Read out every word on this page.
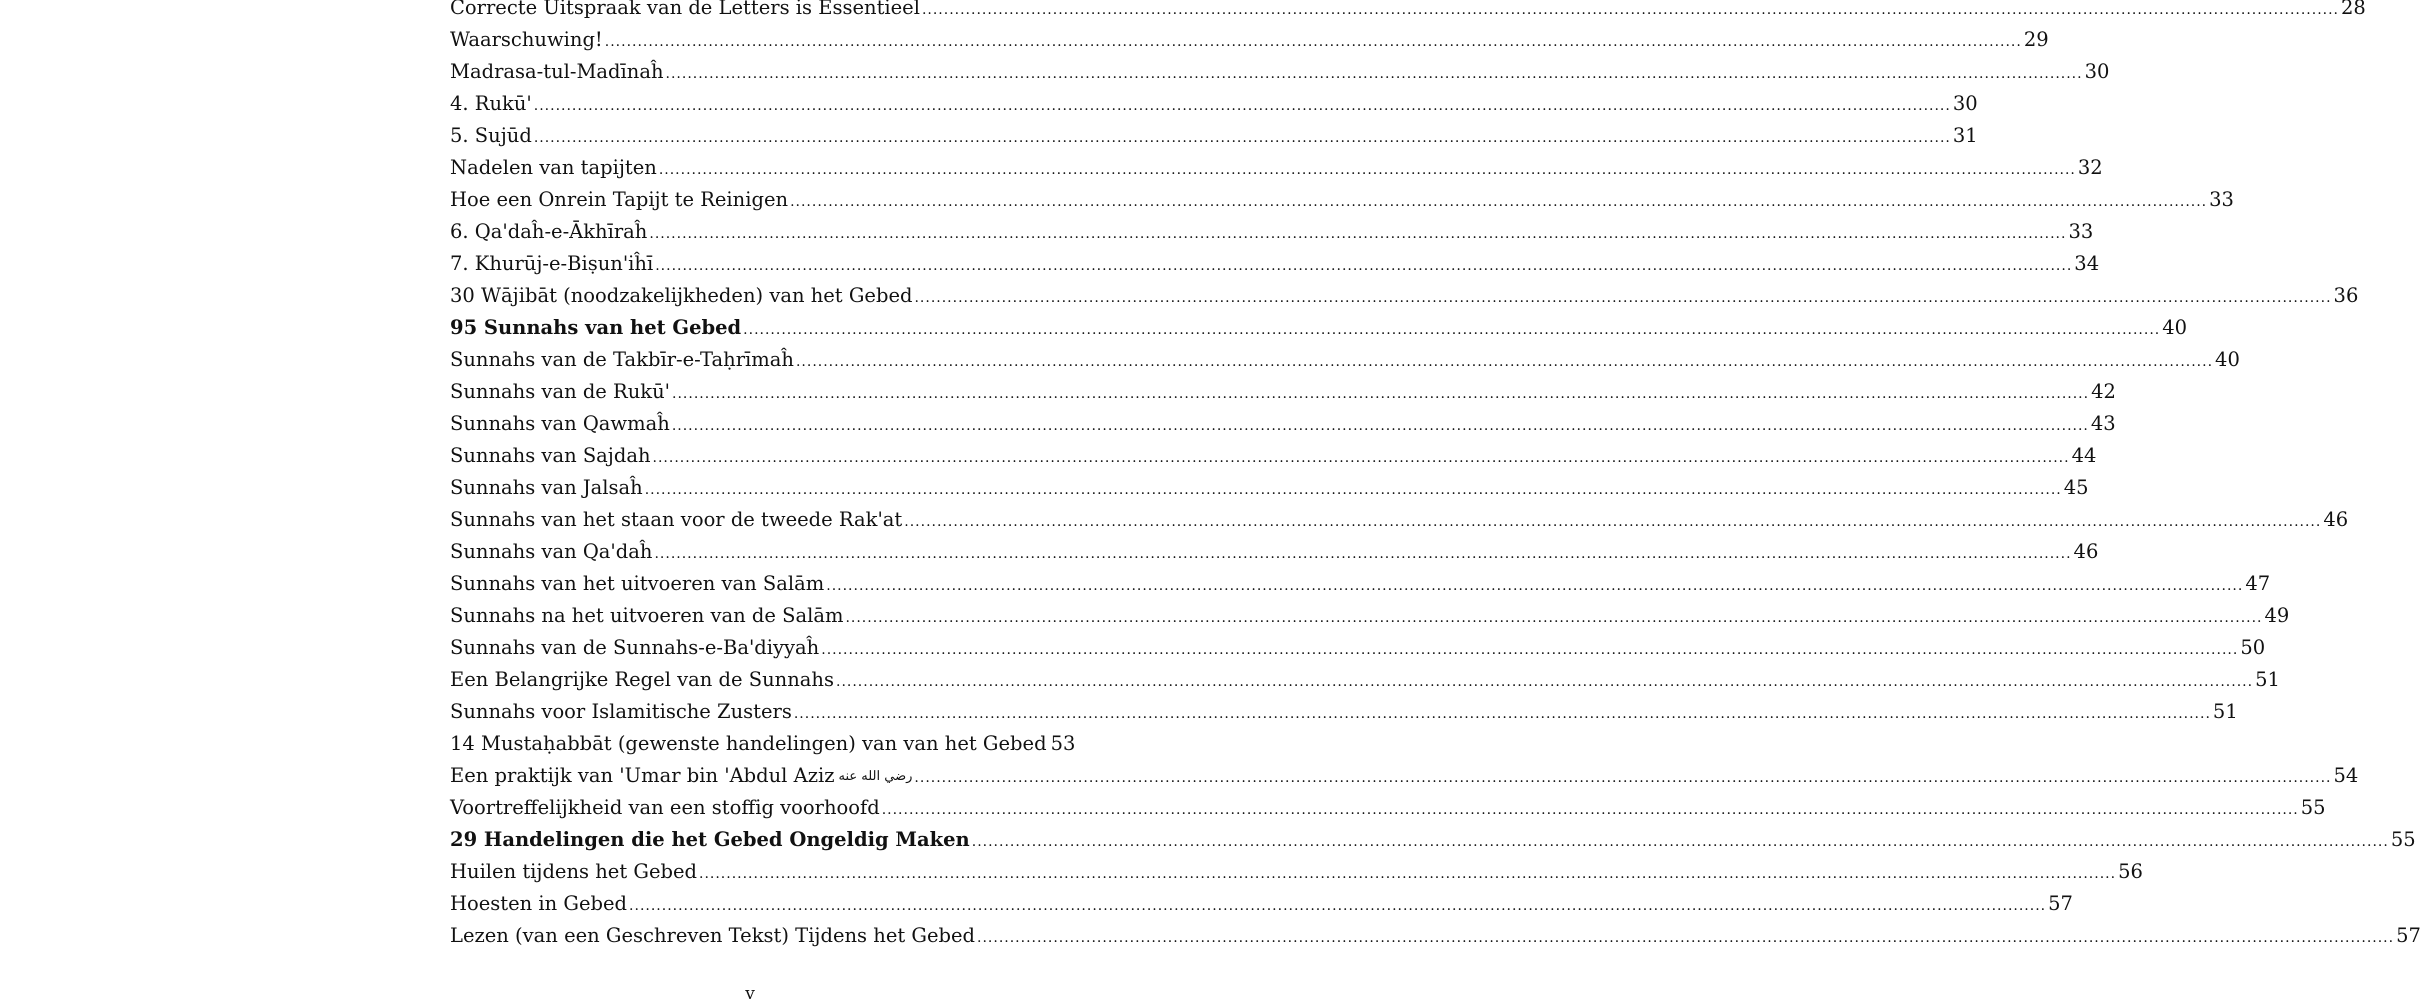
Correcte Uitspraak van de Letters is Essentieel .................................................................................................................................................................................................................................................................... 28
Waarschuwing! .................................................................................................................................................................................................................................................................... 29
Madrasa-tul-Madīnaĥ .................................................................................................................................................................................................................................................................... 30
4. Rukū' .................................................................................................................................................................................................................................................................... 30
5. Sujūd .................................................................................................................................................................................................................................................................... 31
Nadelen van tapijten .................................................................................................................................................................................................................................................................... 32
Hoe een Onrein Tapijt te Reinigen .................................................................................................................................................................................................................................................................... 33
6. Qa'daĥ-e-Ākhīraĥ .................................................................................................................................................................................................................................................................... 33
7. Khurūj-e-Biṣun'iĥī .................................................................................................................................................................................................................................................................... 34
30 Wājibāt (noodzakelijkheden) van het Gebed .................................................................................................................................................................................................................................................................... 36
95 Sunnahs van het Gebed .................................................................................................................................................................................................................................................................... 40
Sunnahs van de Takbīr-e-Taḥrīmaĥ .................................................................................................................................................................................................................................................................... 40
Sunnahs van de Rukū' .................................................................................................................................................................................................................................................................... 42
Sunnahs van Qawmaĥ .................................................................................................................................................................................................................................................................... 43
Sunnahs van Sajdah .................................................................................................................................................................................................................................................................... 44
Sunnahs van Jalsaĥ .................................................................................................................................................................................................................................................................... 45
Sunnahs van het staan voor de tweede Rak'at .................................................................................................................................................................................................................................................................... 46
Sunnahs van Qa'daĥ .................................................................................................................................................................................................................................................................... 46
Sunnahs van het uitvoeren van Salām .................................................................................................................................................................................................................................................................... 47
Sunnahs na het uitvoeren van de Salām .................................................................................................................................................................................................................................................................... 49
Sunnahs van de Sunnahs-e-Ba'diyyaĥ .................................................................................................................................................................................................................................................................... 50
Een Belangrijke Regel van de Sunnahs .................................................................................................................................................................................................................................................................... 51
Sunnahs voor Islamitische Zusters .................................................................................................................................................................................................................................................................... 51
14 Mustaḥabbāt (gewenste handelingen) van van het Gebed 53
Een praktijk van 'Umar bin 'Abdul Aziz رضي الله عنه .................................................................................................................................................................................................................................................................... 54
Voortreffelijkheid van een stoffig voorhoofd .................................................................................................................................................................................................................................................................... 55
29 Handelingen die het Gebed Ongeldig Maken .................................................................................................................................................................................................................................................................... 55
Huilen tijdens het Gebed .................................................................................................................................................................................................................................................................... 56
Hoesten in Gebed .................................................................................................................................................................................................................................................................... 57
Lezen (van een Geschreven Tekst) Tijdens het Gebed .................................................................................................................................................................................................................................................................... 57
v
